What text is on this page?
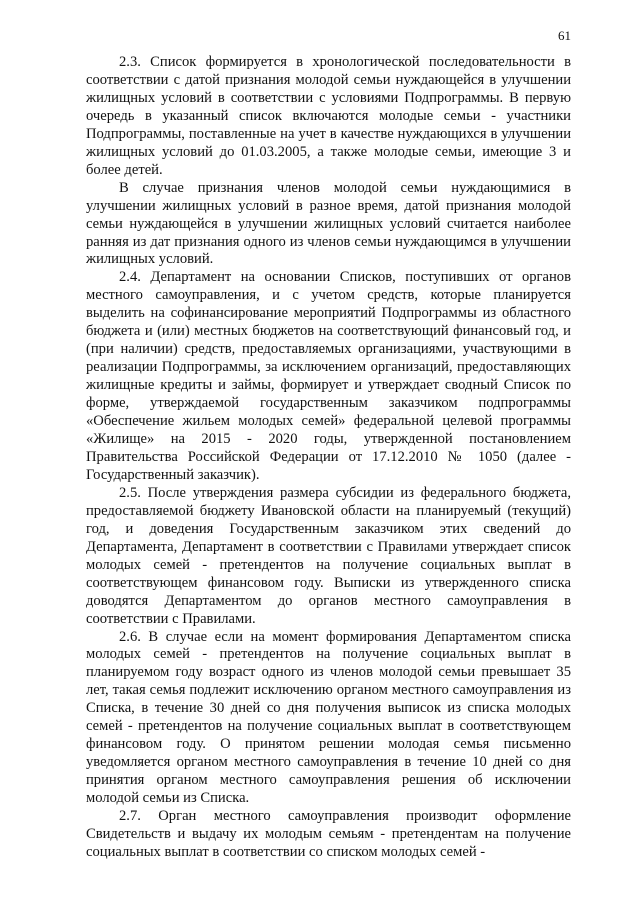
61

2.3. Список формируется в хронологической последовательности в соответствии с датой признания молодой семьи нуждающейся в улучшении жилищных условий в соответствии с условиями Подпрограммы. В первую очередь в указанный список включаются молодые семьи - участники Подпрограммы, поставленные на учет в качестве нуждающихся в улучшении жилищных условий до 01.03.2005, а также молодые семьи, имеющие 3 и более детей.

В случае признания членов молодой семьи нуждающимися в улучшении жилищных условий в разное время, датой признания молодой семьи нуждающейся в улучшении жилищных условий считается наиболее ранняя из дат признания одного из членов семьи нуждающимся в улучшении жилищных условий.

2.4. Департамент на основании Списков, поступивших от органов местного самоуправления, и с учетом средств, которые планируется выделить на софинансирование мероприятий Подпрограммы из областного бюджета и (или) местных бюджетов на соответствующий финансовый год, и (при наличии) средств, предоставляемых организациями, участвующими в реализации Подпрограммы, за исключением организаций, предоставляющих жилищные кредиты и займы, формирует и утверждает сводный Список по форме, утверждаемой государственным заказчиком подпрограммы «Обеспечение жильем молодых семей» федеральной целевой программы «Жилище» на 2015 - 2020 годы, утвержденной постановлением Правительства Российской Федерации от 17.12.2010 № 1050 (далее - Государственный заказчик).

2.5. После утверждения размера субсидии из федерального бюджета, предоставляемой бюджету Ивановской области на планируемый (текущий) год, и доведения Государственным заказчиком этих сведений до Департамента, Департамент в соответствии с Правилами утверждает список молодых семей - претендентов на получение социальных выплат в соответствующем финансовом году. Выписки из утвержденного списка доводятся Департаментом до органов местного самоуправления в соответствии с Правилами.

2.6. В случае если на момент формирования Департаментом списка молодых семей - претендентов на получение социальных выплат в планируемом году возраст одного из членов молодой семьи превышает 35 лет, такая семья подлежит исключению органом местного самоуправления из Списка, в течение 30 дней со дня получения выписок из списка молодых семей - претендентов на получение социальных выплат в соответствующем финансовом году. О принятом решении молодая семья письменно уведомляется органом местного самоуправления в течение 10 дней со дня принятия органом местного самоуправления решения об исключении молодой семьи из Списка.

2.7. Орган местного самоуправления производит оформление Свидетельств и выдачу их молодым семьям - претендентам на получение социальных выплат в соответствии со списком молодых семей -
